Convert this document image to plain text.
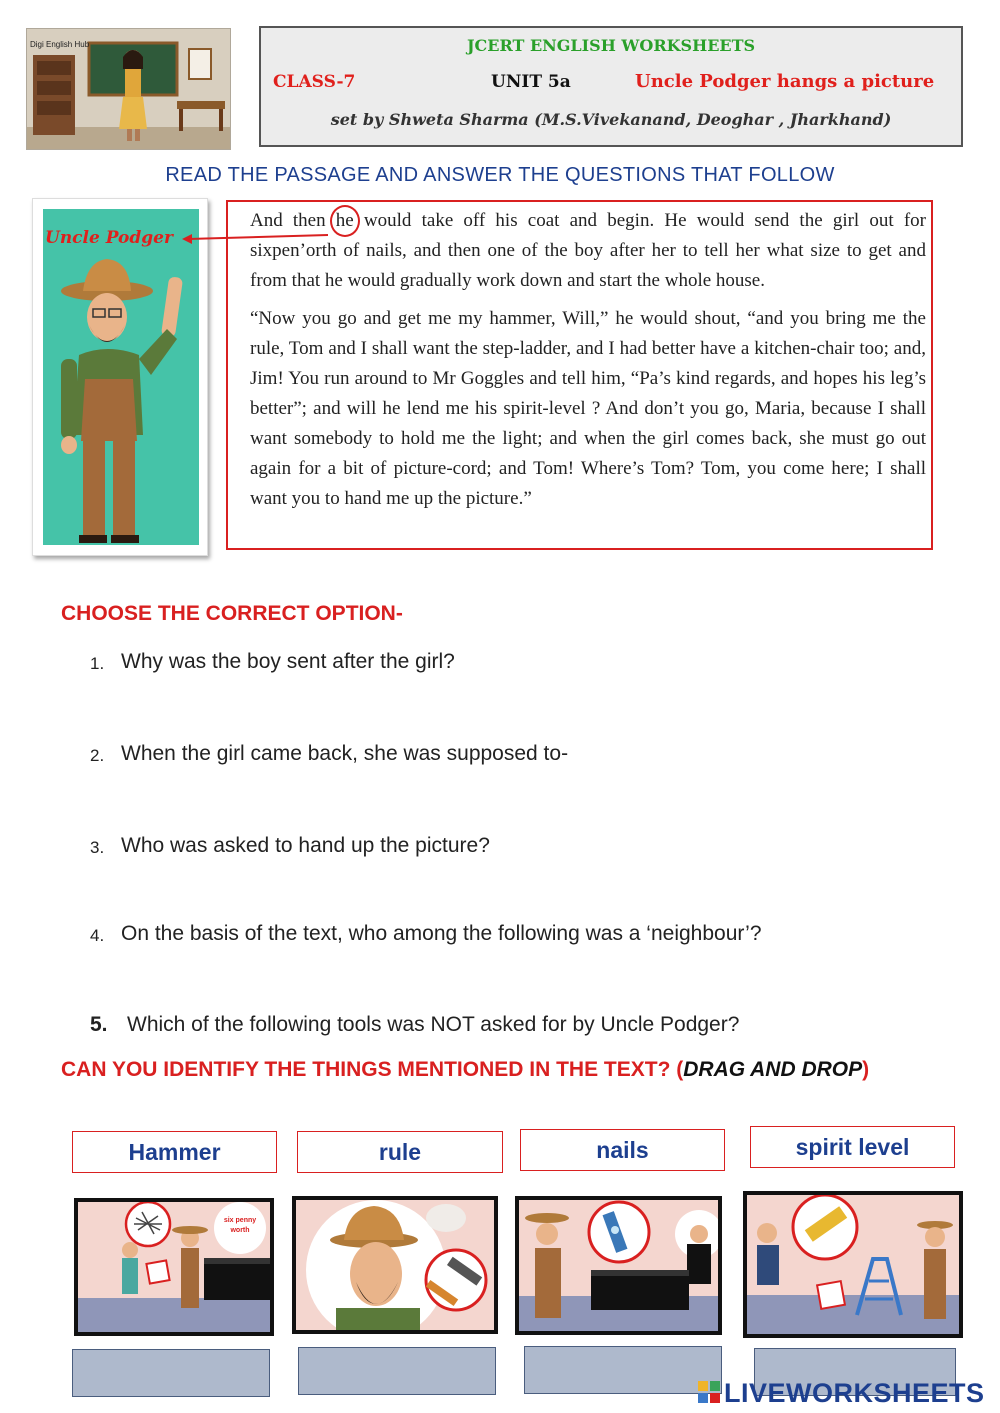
Digi English Hub	JCERT ENGLISH WORKSHEETS
CLASS-7	UNIT 5a	Uncle Podger hangs a picture
set by Shweta Sharma (M.S.Vivekanand, Deoghar , Jharkhand)
READ THE PASSAGE AND ANSWER THE QUESTIONS THAT FOLLOW
Uncle Podger

And then he would take off his coat and begin. He would send the girl out for sixpen’orth of nails, and then one of the boy after her to tell her what size to get and from that he would gradually work down and start the whole house.

“Now you go and get me my hammer, Will,” he would shout, “and you bring me the rule, Tom and I shall want the step-ladder, and I had better have a kitchen-chair too; and, Jim! You run around to Mr Goggles and tell him, “Pa’s kind regards, and hopes his leg’s better”; and will he lend me his spirit-level ? And don’t you go, Maria, because I shall want somebody to hold me the light; and when the girl comes back, she must go out again for a bit of picture-cord; and Tom! Where’s Tom? Tom, you come here; I shall want you to hand me up the picture.”

CHOOSE THE CORRECT OPTION-
1. Why was the boy sent after the girl?
2. When the girl came back, she was supposed to-
3. Who was asked to hand up the picture?
4. On the basis of the text, who among the following was a ‘neighbour’?
5. Which of the following tools was NOT asked for by Uncle Podger?
CAN YOU IDENTIFY THE THINGS MENTIONED IN THE TEXT? (DRAG AND DROP)
Hammer	rule	nails	spirit level
six penny worth
LIVEWORKSHEETS
